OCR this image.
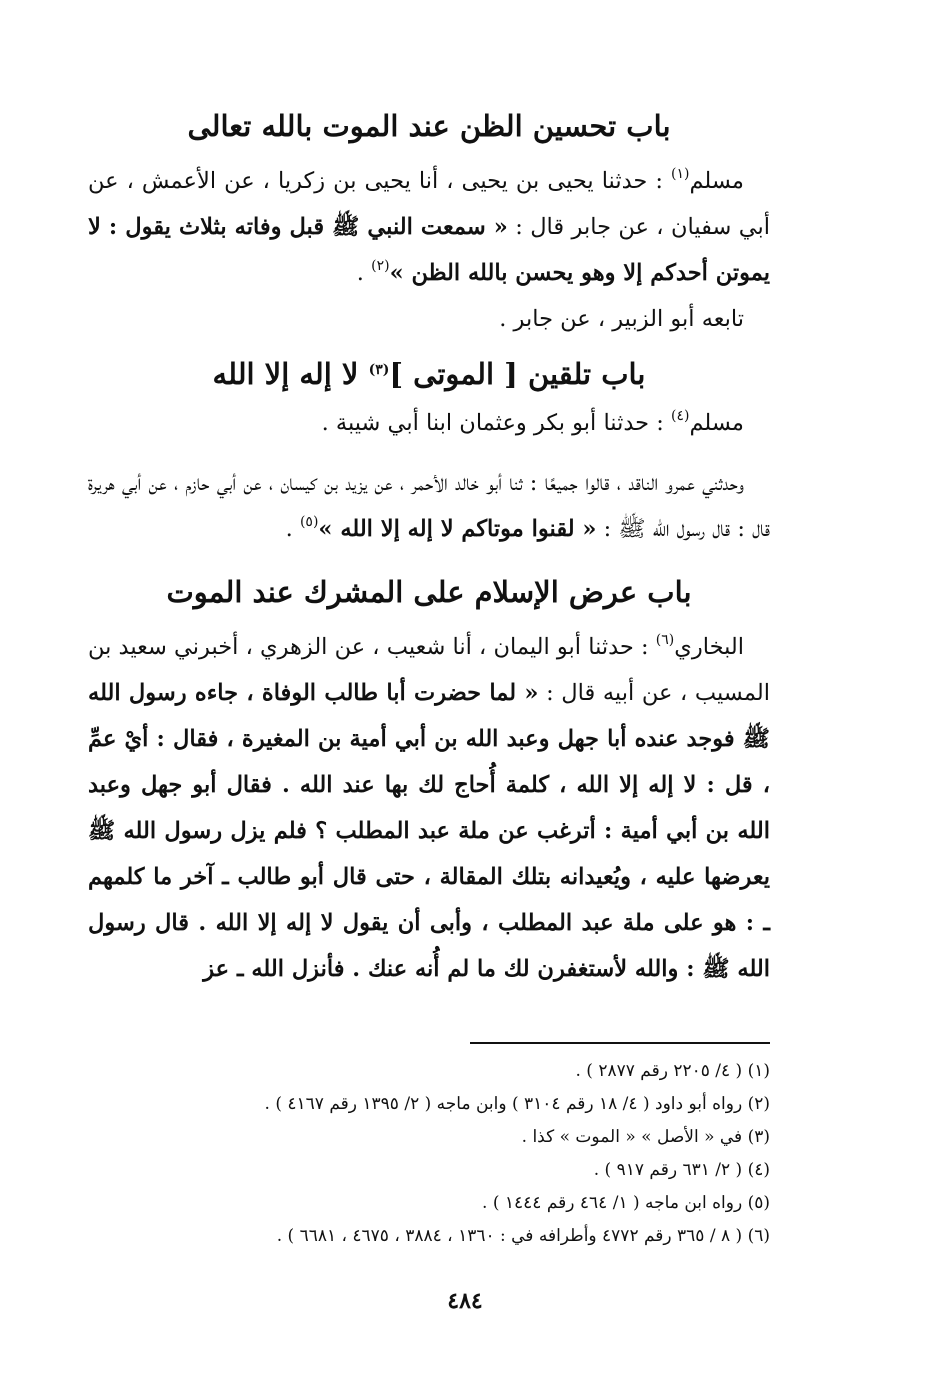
باب تحسين الظن عند الموت بالله تعالى

مسلم$^{(١)}$ : حدثنا يحيى بن يحيى ، أنا يحيى بن زكريا ، عن الأعمش ، عن أبي سفيان ، عن جابر قال : « سمعت النبي ﷺ قبل وفاته بثلاث يقول : لا يموتن أحدكم إلا وهو يحسن بالله الظن »$^{(٢)}$ .

تابعه أبو الزبير ، عن جابر .

باب تلقين [ الموتى ]$^{(٣)}$ لا إله إلا الله

مسلم$^{(٤)}$ : حدثنا أبو بكر وعثمان ابنا أبي شيبة .

وحدثني عمرو الناقد ، قالوا جميعًا : ثنا أبو خالد الأحمر ، عن يزيد بن كيسان ، عن أبي حازم ، عن أبي هريرة قال : قال رسول الله ﷺ : « لقنوا موتاكم لا إله إلا الله »$^{(٥)}$ .

باب عرض الإسلام على المشرك عند الموت

البخاري$^{(٦)}$ : حدثنا أبو اليمان ، أنا شعيب ، عن الزهري ، أخبرني سعيد بن المسيب ، عن أبيه قال : « لما حضرت أبا طالب الوفاة ، جاءه رسول الله ﷺ فوجد عنده أبا جهل وعبد الله بن أبي أمية بن المغيرة ، فقال : أيْ عمِّ ، قل : لا إله إلا الله ، كلمة أُحاج لك بها عند الله . فقال أبو جهل وعبد الله بن أبي أمية : أترغب عن ملة عبد المطلب ؟ فلم يزل رسول الله ﷺ يعرضها عليه ، ويُعيدانه بتلك المقالة ، حتى قال أبو طالب ـ آخر ما كلمهم ـ : هو على ملة عبد المطلب ، وأبى أن يقول لا إله إلا الله . قال رسول الله ﷺ : والله لأستغفرن لك ما لم أُنه عنك . فأنزل الله ـ عز

(١) ( ٤/ ٢٢٠٥ رقم ٢٨٧٧ ) .

(٢) رواه أبو داود ( ٤/ ١٨ رقم ٣١٠٤ ) وابن ماجه ( ٢/ ١٣٩٥ رقم ٤١٦٧ ) .

(٣) في « الأصل » « الموت » كذا .

(٤) ( ٢/ ٦٣١ رقم ٩١٧ ) .

(٥) رواه ابن ماجه ( ١/ ٤٦٤ رقم ١٤٤٤ ) .

(٦) ( ٨ / ٣٦٥ رقم ٤٧٧٢ وأطرافه في : ١٣٦٠ ، ٣٨٨٤ ، ٤٦٧٥ ، ٦٦٨١ ) .

٤٨٤
